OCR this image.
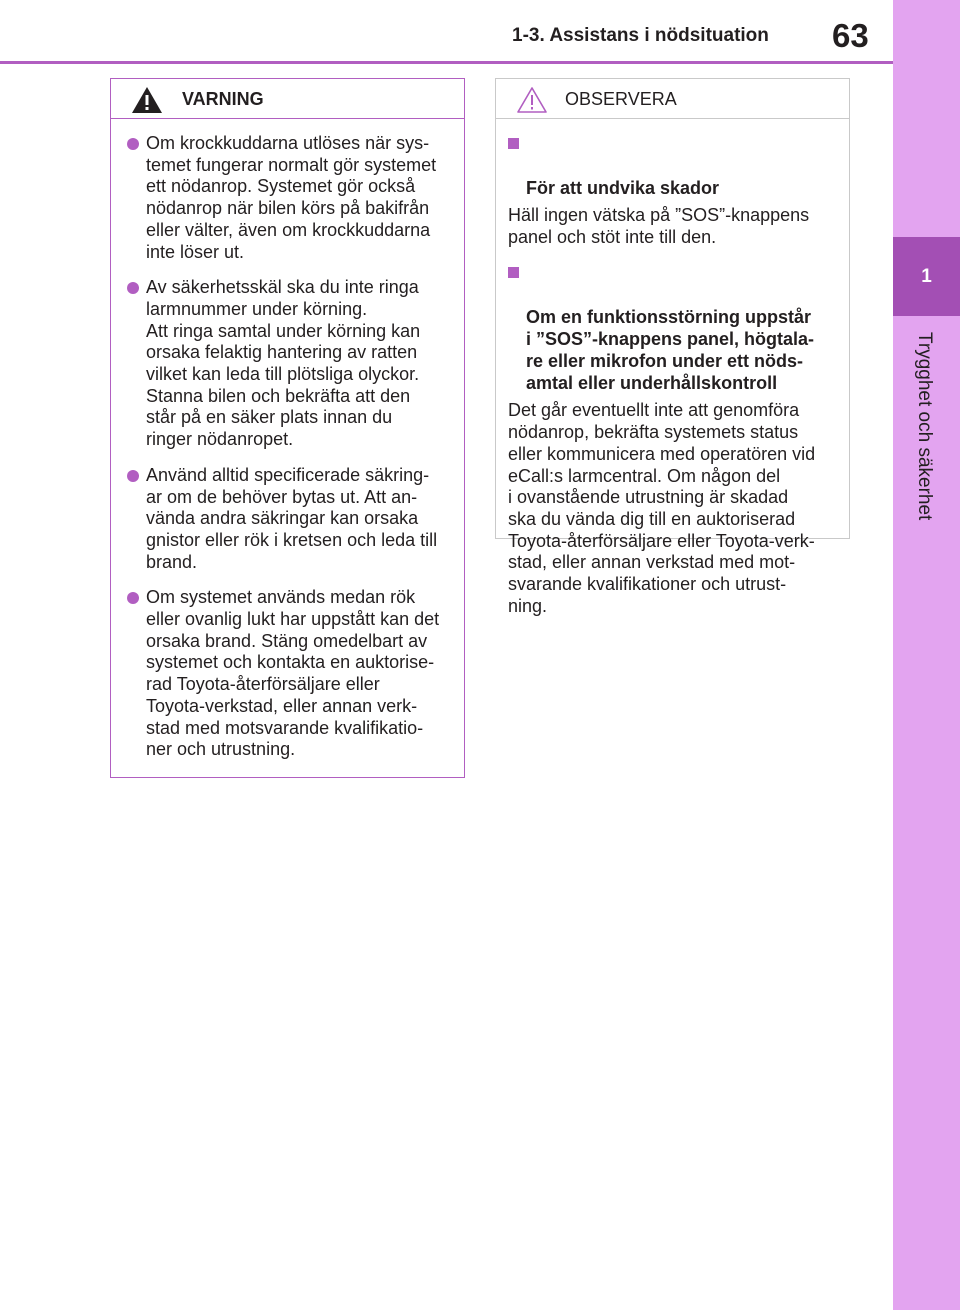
1-3. Assistans i nödsituation 63
1
Trygghet och säkerhet
VARNING
Om krockkuddarna utlöses när sys-
temet fungerar normalt gör systemet
ett nödanrop. Systemet gör också
nödanrop när bilen körs på bakifrån
eller välter, även om krockkuddarna
inte löser ut.
Av säkerhetsskäl ska du inte ringa
larmnummer under körning.
Att ringa samtal under körning kan
orsaka felaktig hantering av ratten
vilket kan leda till plötsliga olyckor.
Stanna bilen och bekräfta att den
står på en säker plats innan du
ringer nödanropet.
Använd alltid specificerade säkring-
ar om de behöver bytas ut. Att an-
vända andra säkringar kan orsaka
gnistor eller rök i kretsen och leda till
brand.
Om systemet används medan rök
eller ovanlig lukt har uppstått kan det
orsaka brand. Stäng omedelbart av
systemet och kontakta en auktorise-
rad Toyota-återförsäljare eller
Toyota-verkstad, eller annan verk-
stad med motsvarande kvalifikatio-
ner och utrustning.
OBSERVERA

För att undvika skador

Häll ingen vätska på ”SOS”-knappens
panel och stöt inte till den.

Om en funktionsstörning uppstår
i ”SOS”-knappens panel, högtala-
re eller mikrofon under ett nöds-
amtal eller underhållskontroll

Det går eventuellt inte att genomföra
nödanrop, bekräfta systemets status
eller kommunicera med operatören vid
eCall:s larmcentral. Om någon del
i ovanstående utrustning är skadad
ska du vända dig till en auktoriserad
Toyota-återförsäljare eller Toyota-verk-
stad, eller annan verkstad med mot-
svarande kvalifikationer och utrust-
ning.
